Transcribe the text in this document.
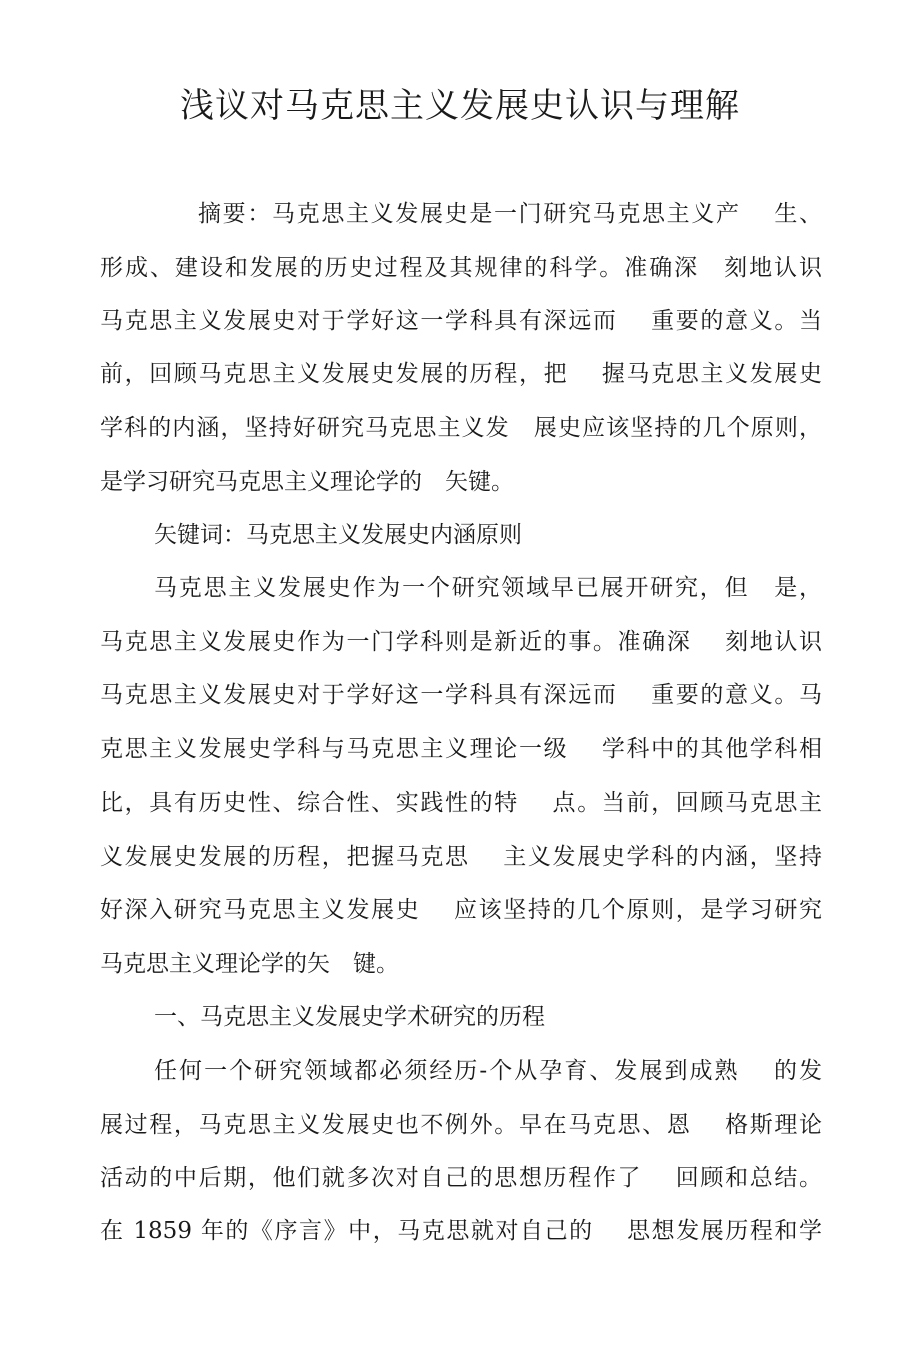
浅议对马克思主义发展史认识与理解

摘要：马克思主义发展史是一门研究马克思主义产　 生、

形成、建设和发展的历史过程及其规律的科学。准确深　刻地认识

马克思主义发展史对于学好这一学科具有深远而　 重要的意义。当

前，回顾马克思主义发展史发展的历程，把　 握马克思主义发展史

学科的内涵，坚持好研究马克思主义发　展史应该坚持的几个原则，

是学习研究马克思主义理论学的　矢键。

矢键词：马克思主义发展史内涵原则

马克思主义发展史作为一个研究领域早已展开研究，但　是，

马克思主义发展史作为一门学科则是新近的事。准确深　 刻地认识

马克思主义发展史对于学好这一学科具有深远而　 重要的意义。马

克思主义发展史学科与马克思主义理论一级　 学科中的其他学科相

比，具有历史性、综合性、实践性的特　 点。当前，回顾马克思主

义发展史发展的历程，把握马克思　 主义发展史学科的内涵，坚持

好深入研究马克思主义发展史　 应该坚持的几个原则，是学习研究

马克思主义理论学的矢　键。

一、马克思主义发展史学术研究的历程

任何一个研究领域都必须经历-个从孕育、发展到成熟　 的发

展过程，马克思主义发展史也不例外。早在马克思、恩　 格斯理论

活动的中后期，他们就多次对自己的思想历程作了　 回顾和总结。

在 1859 年的《序言》中，马克思就对自己的　 思想发展历程和学
